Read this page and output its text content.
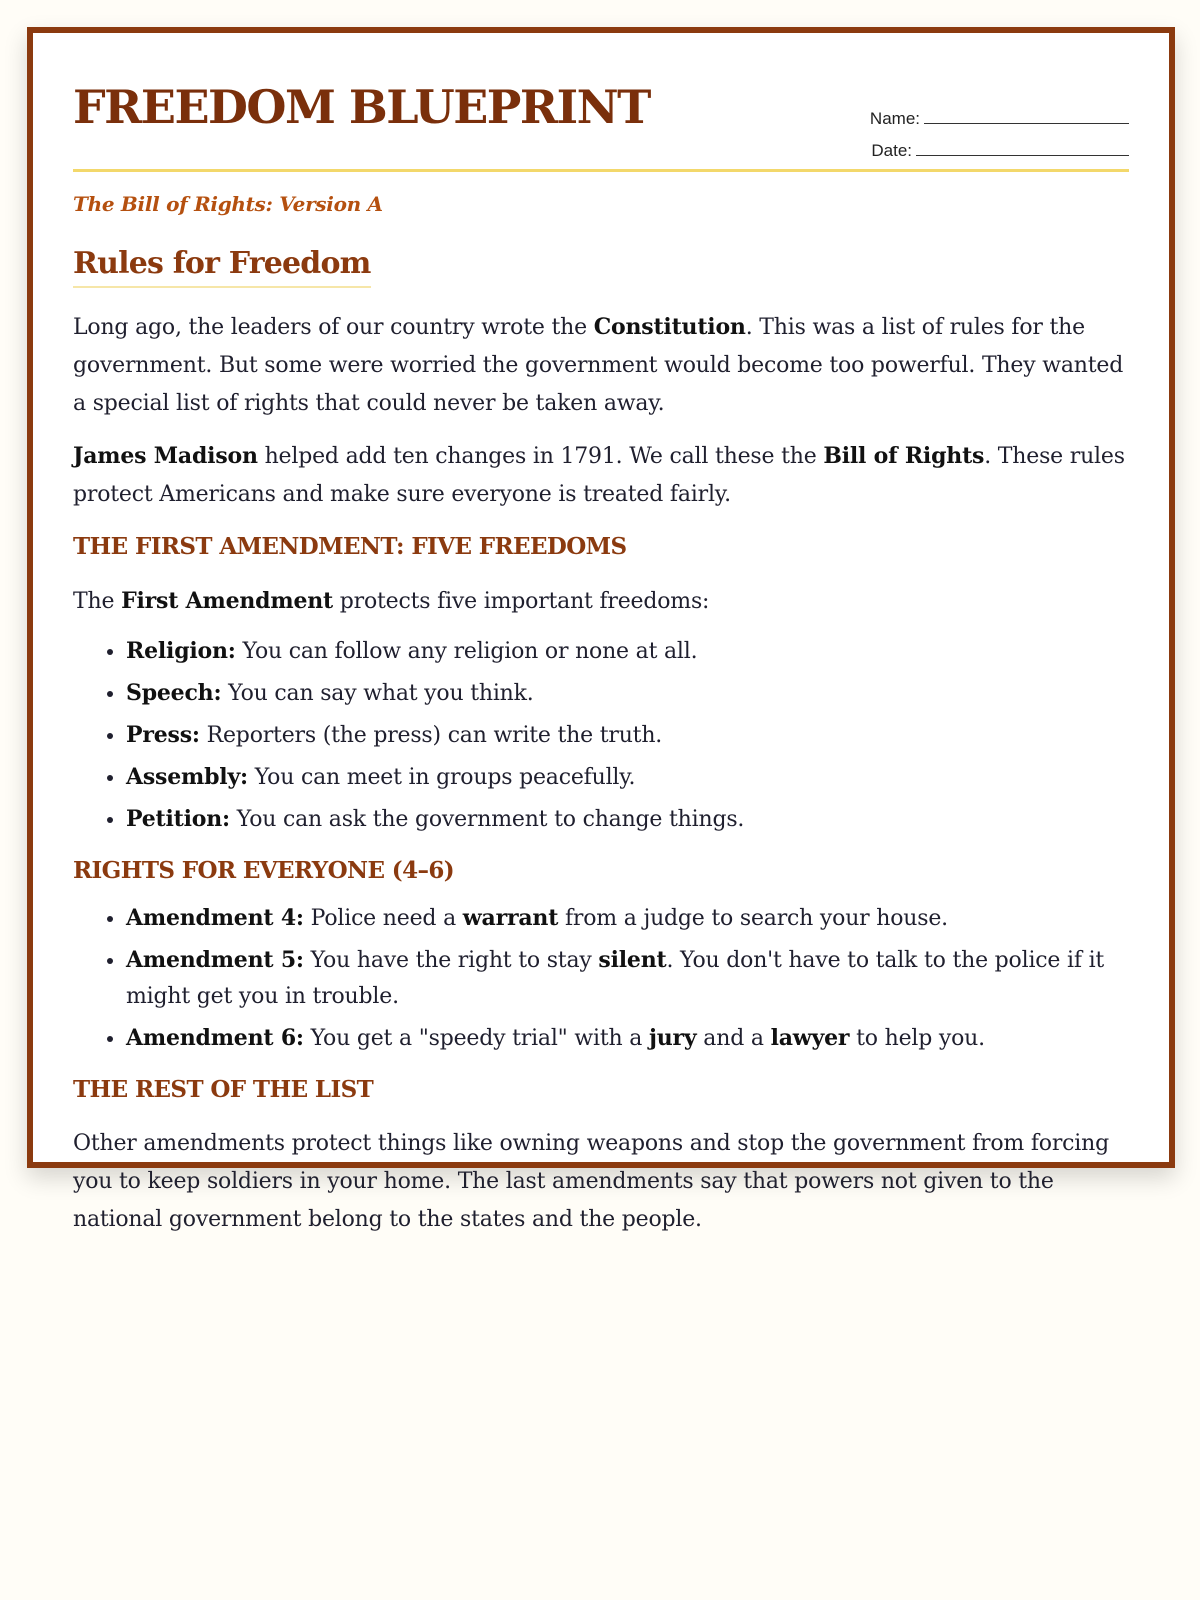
FREEDOM BLUEPRINT	Name:
Date:
The Bill of Rights: Version A
Rules for Freedom

Long ago, the leaders of our country wrote the Constitution. This was a list of rules for the government. But some were worried the government would become too powerful. They wanted a special list of rights that could never be taken away.

James Madison helped add ten changes in 1791. We call these the Bill of Rights. These rules protect Americans and make sure everyone is treated fairly.

THE FIRST AMENDMENT: FIVE FREEDOMS

The First Amendment protects five important freedoms:

• Religion: You can follow any religion or none at all.
• Speech: You can say what you think.
• Press: Reporters (the press) can write the truth.
• Assembly: You can meet in groups peacefully.
• Petition: You can ask the government to change things.
RIGHTS FOR EVERYONE (4–6)
• Amendment 4: Police need a warrant from a judge to search your house.
• Amendment 5: You have the right to stay silent. You don't have to talk to the police if it might get you in trouble.
• Amendment 6: You get a "speedy trial" with a jury and a lawyer to help you.
THE REST OF THE LIST

Other amendments protect things like owning weapons and stop the government from forcing you to keep soldiers in your home. The last amendments say that powers not given to the national government belong to the states and the people.
